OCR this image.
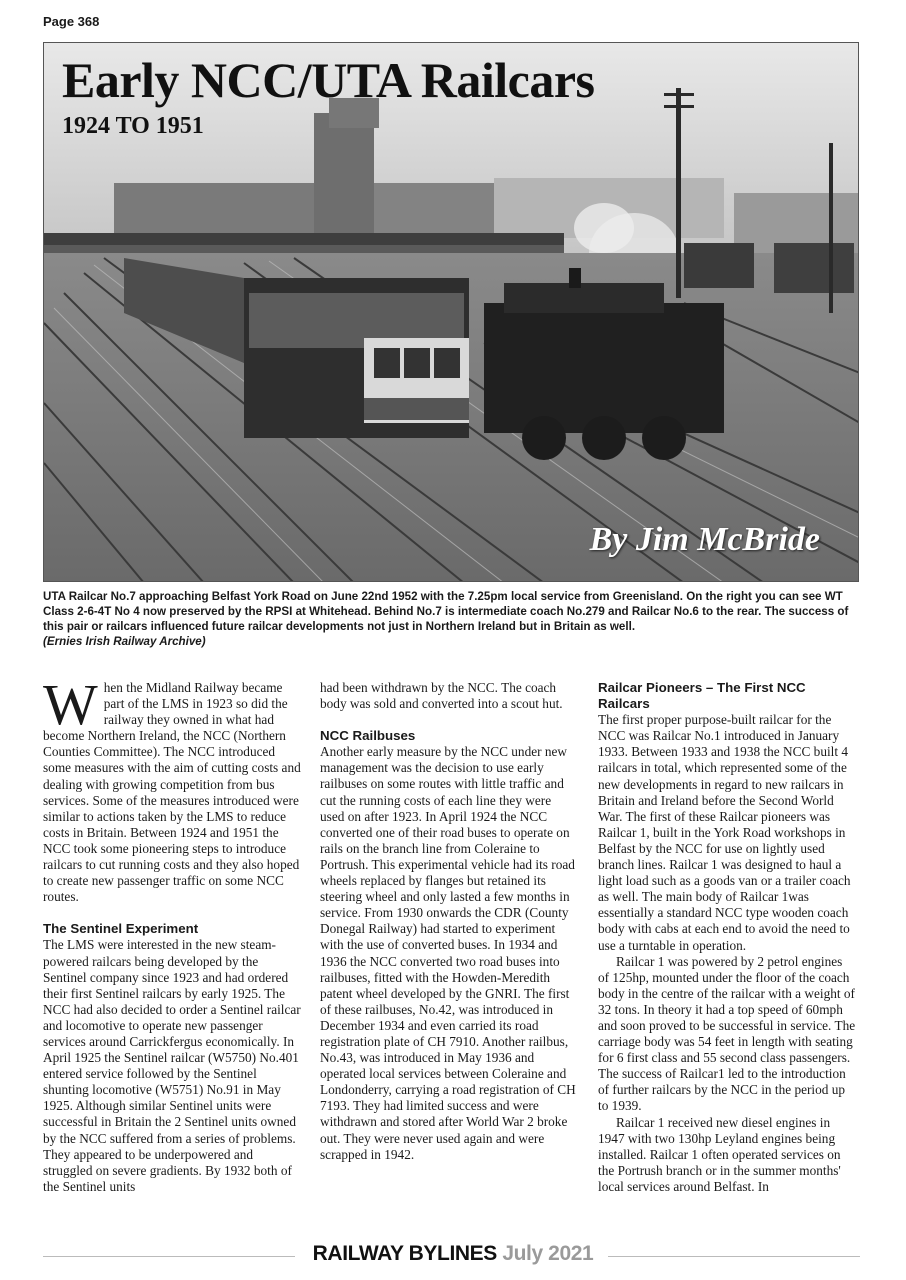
Page 368
Early NCC/UTA Railcars
1924 TO 1951
By Jim McBride
UTA Railcar No.7 approaching Belfast York Road on June 22nd 1952 with the 7.25pm local service from Greenisland. On the right you can see WT Class 2-6-4T No 4 now preserved by the RPSI at Whitehead. Behind No.7 is intermediate coach No.279 and Railcar No.6 to the rear. The success of this pair or railcars influenced future railcar developments not just in Northern Ireland but in Britain as well.
(Ernies Irish Railway Archive)

When the Midland Railway became part of the LMS in 1923 so did the railway they owned in what had become Northern Ireland, the NCC (Northern Counties Committee). The NCC introduced some measures with the aim of cutting costs and dealing with growing competition from bus services. Some of the measures introduced were similar to actions taken by the LMS to reduce costs in Britain. Between 1924 and 1951 the NCC took some pioneering steps to introduce railcars to cut running costs and they also hoped to create new passenger traffic on some NCC routes.

The Sentinel Experiment

The LMS were interested in the new steam-powered railcars being developed by the Sentinel company since 1923 and had ordered their first Sentinel railcars by early 1925. The NCC had also decided to order a Sentinel railcar and locomotive to operate new passenger services around Carrickfergus economically. In April 1925 the Sentinel railcar (W5750) No.401 entered service followed by the Sentinel shunting locomotive (W5751) No.91 in May 1925. Although similar Sentinel units were successful in Britain the 2 Sentinel units owned by the NCC suffered from a series of problems. They appeared to be underpowered and struggled on severe gradients. By 1932 both of the Sentinel units

had been withdrawn by the NCC. The coach body was sold and converted into a scout hut.

NCC Railbuses

Another early measure by the NCC under new management was the decision to use early railbuses on some routes with little traffic and cut the running costs of each line they were used on after 1923. In April 1924 the NCC converted one of their road buses to operate on rails on the branch line from Coleraine to Portrush. This experimental vehicle had its road wheels replaced by flanges but retained its steering wheel and only lasted a few months in service. From 1930 onwards the CDR (County Donegal Railway) had started to experiment with the use of converted buses. In 1934 and 1936 the NCC converted two road buses into railbuses, fitted with the Howden-Meredith patent wheel developed by the GNRI. The first of these railbuses, No.42, was introduced in December 1934 and even carried its road registration plate of CH 7910. Another railbus, No.43, was introduced in May 1936 and operated local services between Coleraine and Londonderry, carrying a road registration of CH 7193. They had limited success and were withdrawn and stored after World War 2 broke out. They were never used again and were scrapped in 1942.

Railcar Pioneers – The First NCC Railcars

The first proper purpose-built railcar for the NCC was Railcar No.1 introduced in January 1933. Between 1933 and 1938 the NCC built 4 railcars in total, which represented some of the new developments in regard to new railcars in Britain and Ireland before the Second World War. The first of these Railcar pioneers was Railcar 1, built in the York Road workshops in Belfast by the NCC for use on lightly used branch lines. Railcar 1 was designed to haul a light load such as a goods van or a trailer coach as well. The main body of Railcar 1was essentially a standard NCC type wooden coach body with cabs at each end to avoid the need to use a turntable in operation.

Railcar 1 was powered by 2 petrol engines of 125hp, mounted under the floor of the coach body in the centre of the railcar with a weight of 32 tons. In theory it had a top speed of 60mph and soon proved to be successful in service. The carriage body was 54 feet in length with seating for 6 first class and 55 second class passengers. The success of Railcar1 led to the introduction of further railcars by the NCC in the period up to 1939.

Railcar 1 received new diesel engines in 1947 with two 130hp Leyland engines being installed. Railcar 1 often operated services on the Portrush branch or in the summer months' local services around Belfast. In

RAILWAY BYLINES July 2021
